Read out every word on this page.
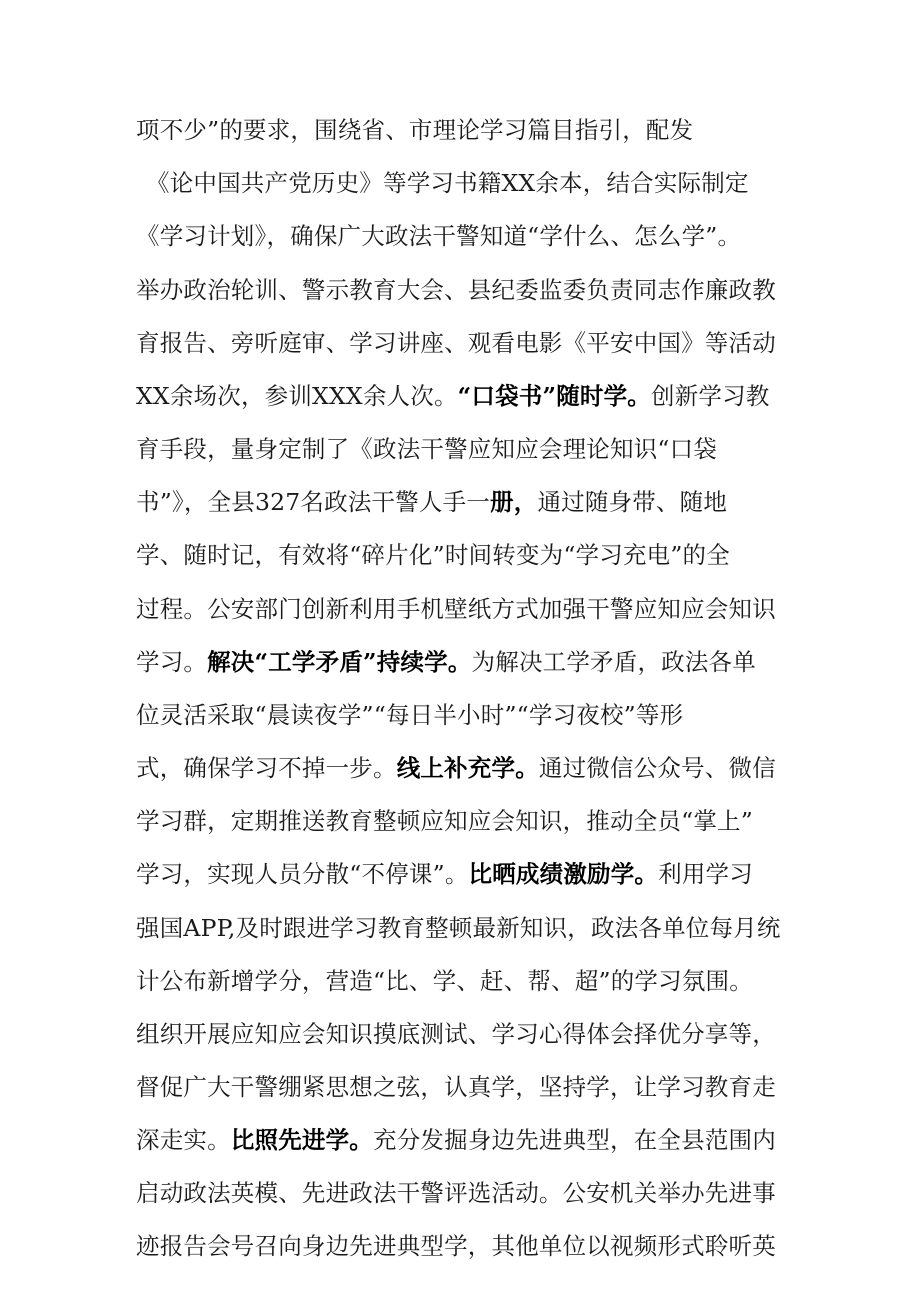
项不少”的要求，围绕省、市理论学习篇目指引，配发
《论中国共产党历史》等学习书籍XX余本，结合实际制定
《学习计划》，确保广大政法干警知道“学什么、怎么学”。
举办政治轮训、警示教育大会、县纪委监委负责同志作廉政教
育报告、旁听庭审、学习讲座、观看电影《平安中国》等活动
XX余场次，参训XXX余人次。“口袋书”随时学。创新学习教
育手段，量身定制了《政法干警应知应会理论知识“口袋
书”》，全县327名政法干警人手一册，通过随身带、随地
学、随时记，有效将“碎片化”时间转变为“学习充电”的全
过程。公安部门创新利用手机壁纸方式加强干警应知应会知识
学习。解决“工学矛盾”持续学。为解决工学矛盾，政法各单
位灵活采取“晨读夜学”“每日半小时”“学习夜校”等形
式，确保学习不掉一步。线上补充学。通过微信公众号、微信
学习群，定期推送教育整顿应知应会知识，推动全员“掌上”
学习，实现人员分散“不停课”。比晒成绩激励学。利用学习
强国APP,及时跟进学习教育整顿最新知识，政法各单位每月统
计公布新增学分，营造“比、学、赶、帮、超”的学习氛围。
组织开展应知应会知识摸底测试、学习心得体会择优分享等，
督促广大干警绷紧思想之弦，认真学，坚持学，让学习教育走
深走实。比照先进学。充分发掘身边先进典型，在全县范围内
启动政法英模、先进政法干警评选活动。公安机关举办先进事
迹报告会号召向身边先进典型学，其他单位以视频形式聆听英
